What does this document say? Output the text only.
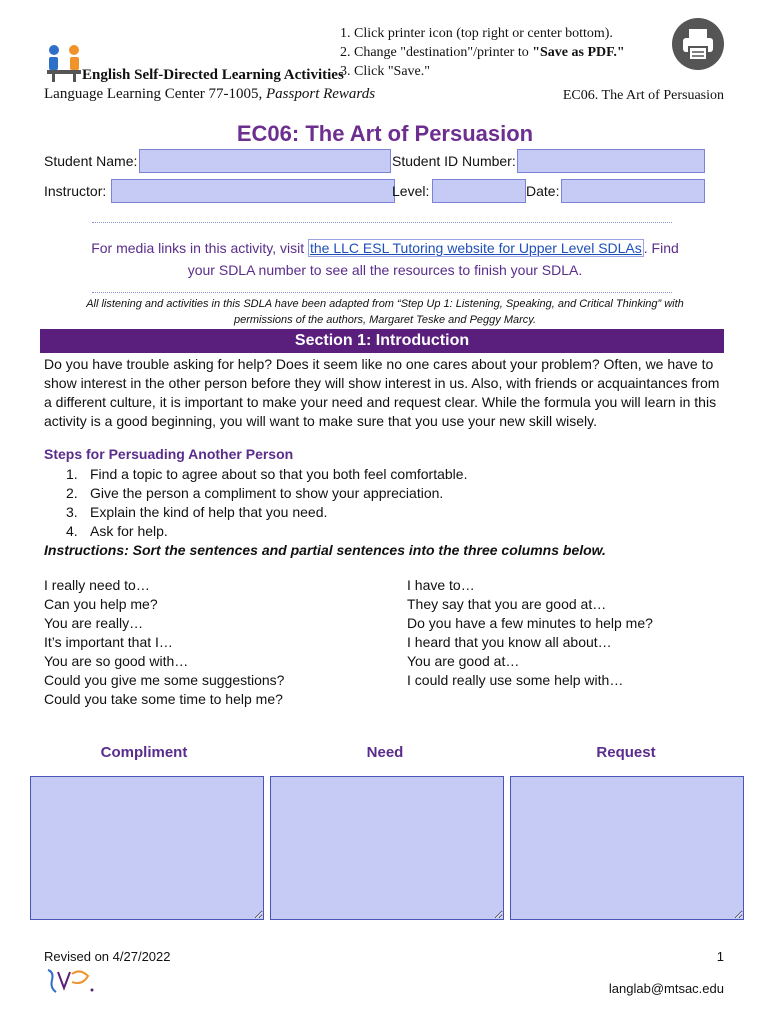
English Self-Directed Learning Activities
Language Learning Center 77-1005, Passport Rewards
1. Click printer icon (top right or center bottom).
2. Change "destination"/printer to "Save as PDF."
3. Click "Save."
EC06. The Art of Persuasion
EC06: The Art of Persuasion
Student Name:	Student ID Number:
Instructor:	Level:	Date:
For media links in this activity, visit the LLC ESL Tutoring website for Upper Level SDLAs . Find
your SDLA number to see all the resources to finish your SDLA.
All listening and activities in this SDLA have been adapted from “Step Up 1: Listening, Speaking, and Critical Thinking” with permissions of the authors, Margaret Teske and Peggy Marcy.
Section 1: Introduction

Do you have trouble asking for help? Does it seem like no one cares about your problem? Often, we have to show interest in the other person before they will show interest in us. Also, with friends or acquaintances from a different culture, it is important to make your need and request clear. While the formula you will learn in this activity is a good beginning, you will want to make sure that you use your new skill wisely.

Steps for Persuading Another Person
1. Find a topic to agree about so that you both feel comfortable.
2. Give the person a compliment to show your appreciation.
3. Explain the kind of help that you need.
4. Ask for help.
Instructions: Sort the sentences and partial sentences into the three columns below.
I really need to…
Can you help me?
You are really…
It’s important that I…
You are so good with…
Could you give me some suggestions?
Could you take some time to help me?
I have to…
They say that you are good at…
Do you have a few minutes to help me?
I heard that you know all about…
You are good at…
I could really use some help with…
Compliment	Need	Request
Revised on 4/27/2022	1
langlab@mtsac.edu
